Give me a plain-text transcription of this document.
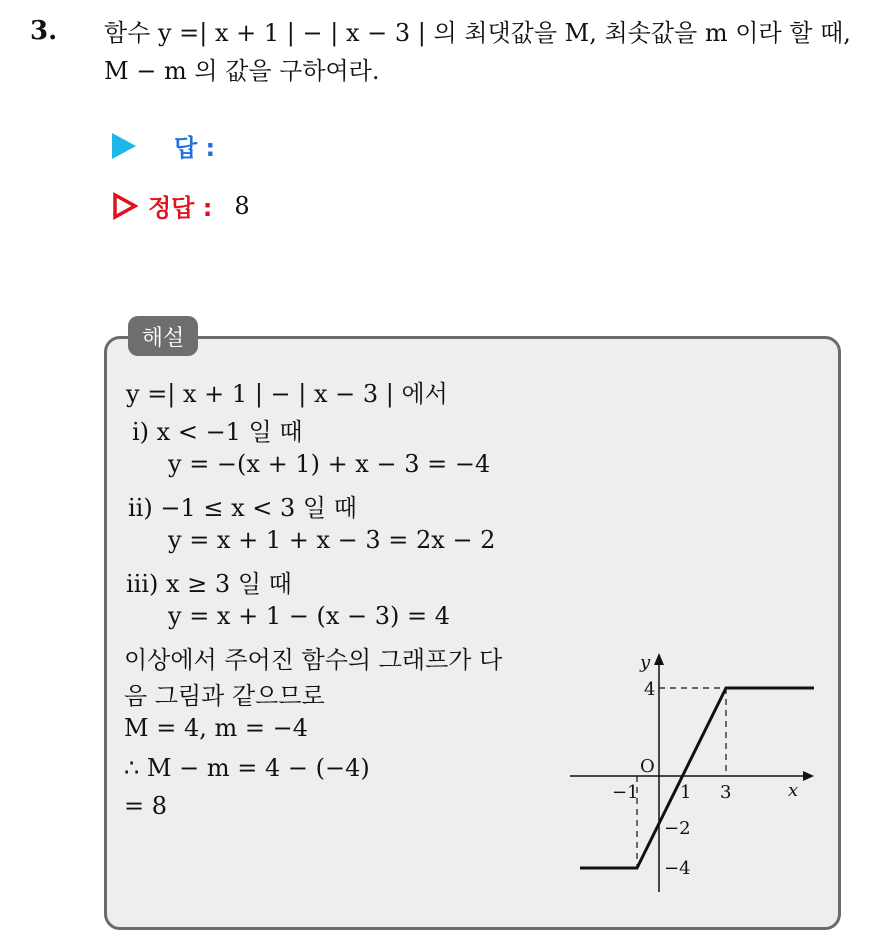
3. 함수 y =| x + 1 | − | x − 3 | 의 최댓값을 M, 최솟값을 m 이라 할 때, M − m 의 값을 구하여라.
답 :
정답 : 8
해설
y =| x + 1 | − | x − 3 | 에서
ⅰ) x < −1 일 때
y = −(x + 1) + x − 3 = −4
ⅱ) −1 ≤ x < 3 일 때
y = x + 1 + x − 3 = 2x − 2
ⅲ) x ≥ 3 일 때
y = x + 1 − (x − 3) = 4
이상에서 주어진 함수의 그래프가 다
음 그림과 같으므로
M = 4, m = −4
∴ M − m = 4 − (−4)
= 8
y
x
O
−1 1 3
4
−2
−4
